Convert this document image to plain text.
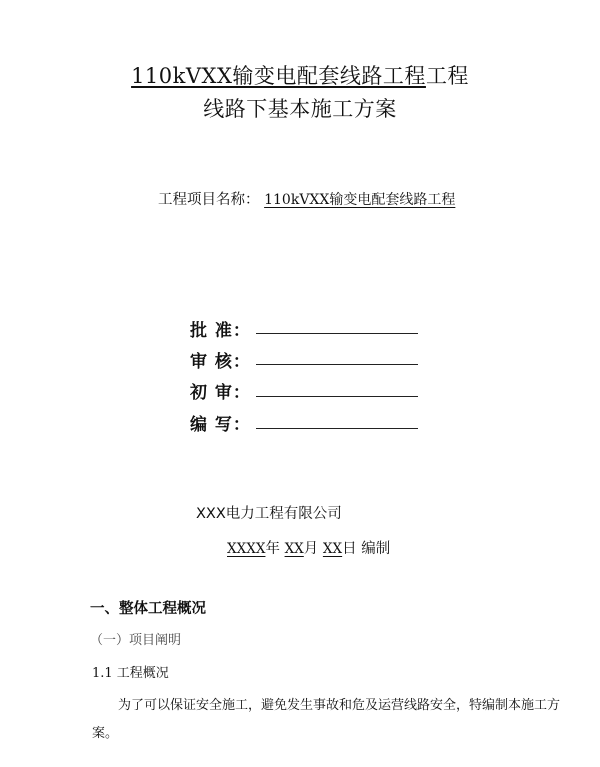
110kVXX输变电配套线路工程工程
线路下基本施工方案
工程项目名称： 110kVXX输变电配套线路工程
批 准：
审 核：
初 审：
编 写：
XXX电力工程有限公司
XXXX年 XX月 XX日 编制
一、整体工程概况
（一）项目阐明
1.1 工程概况
为了可以保证安全施工，避免发生事故和危及运营线路安全，特编制本施工方
案。
